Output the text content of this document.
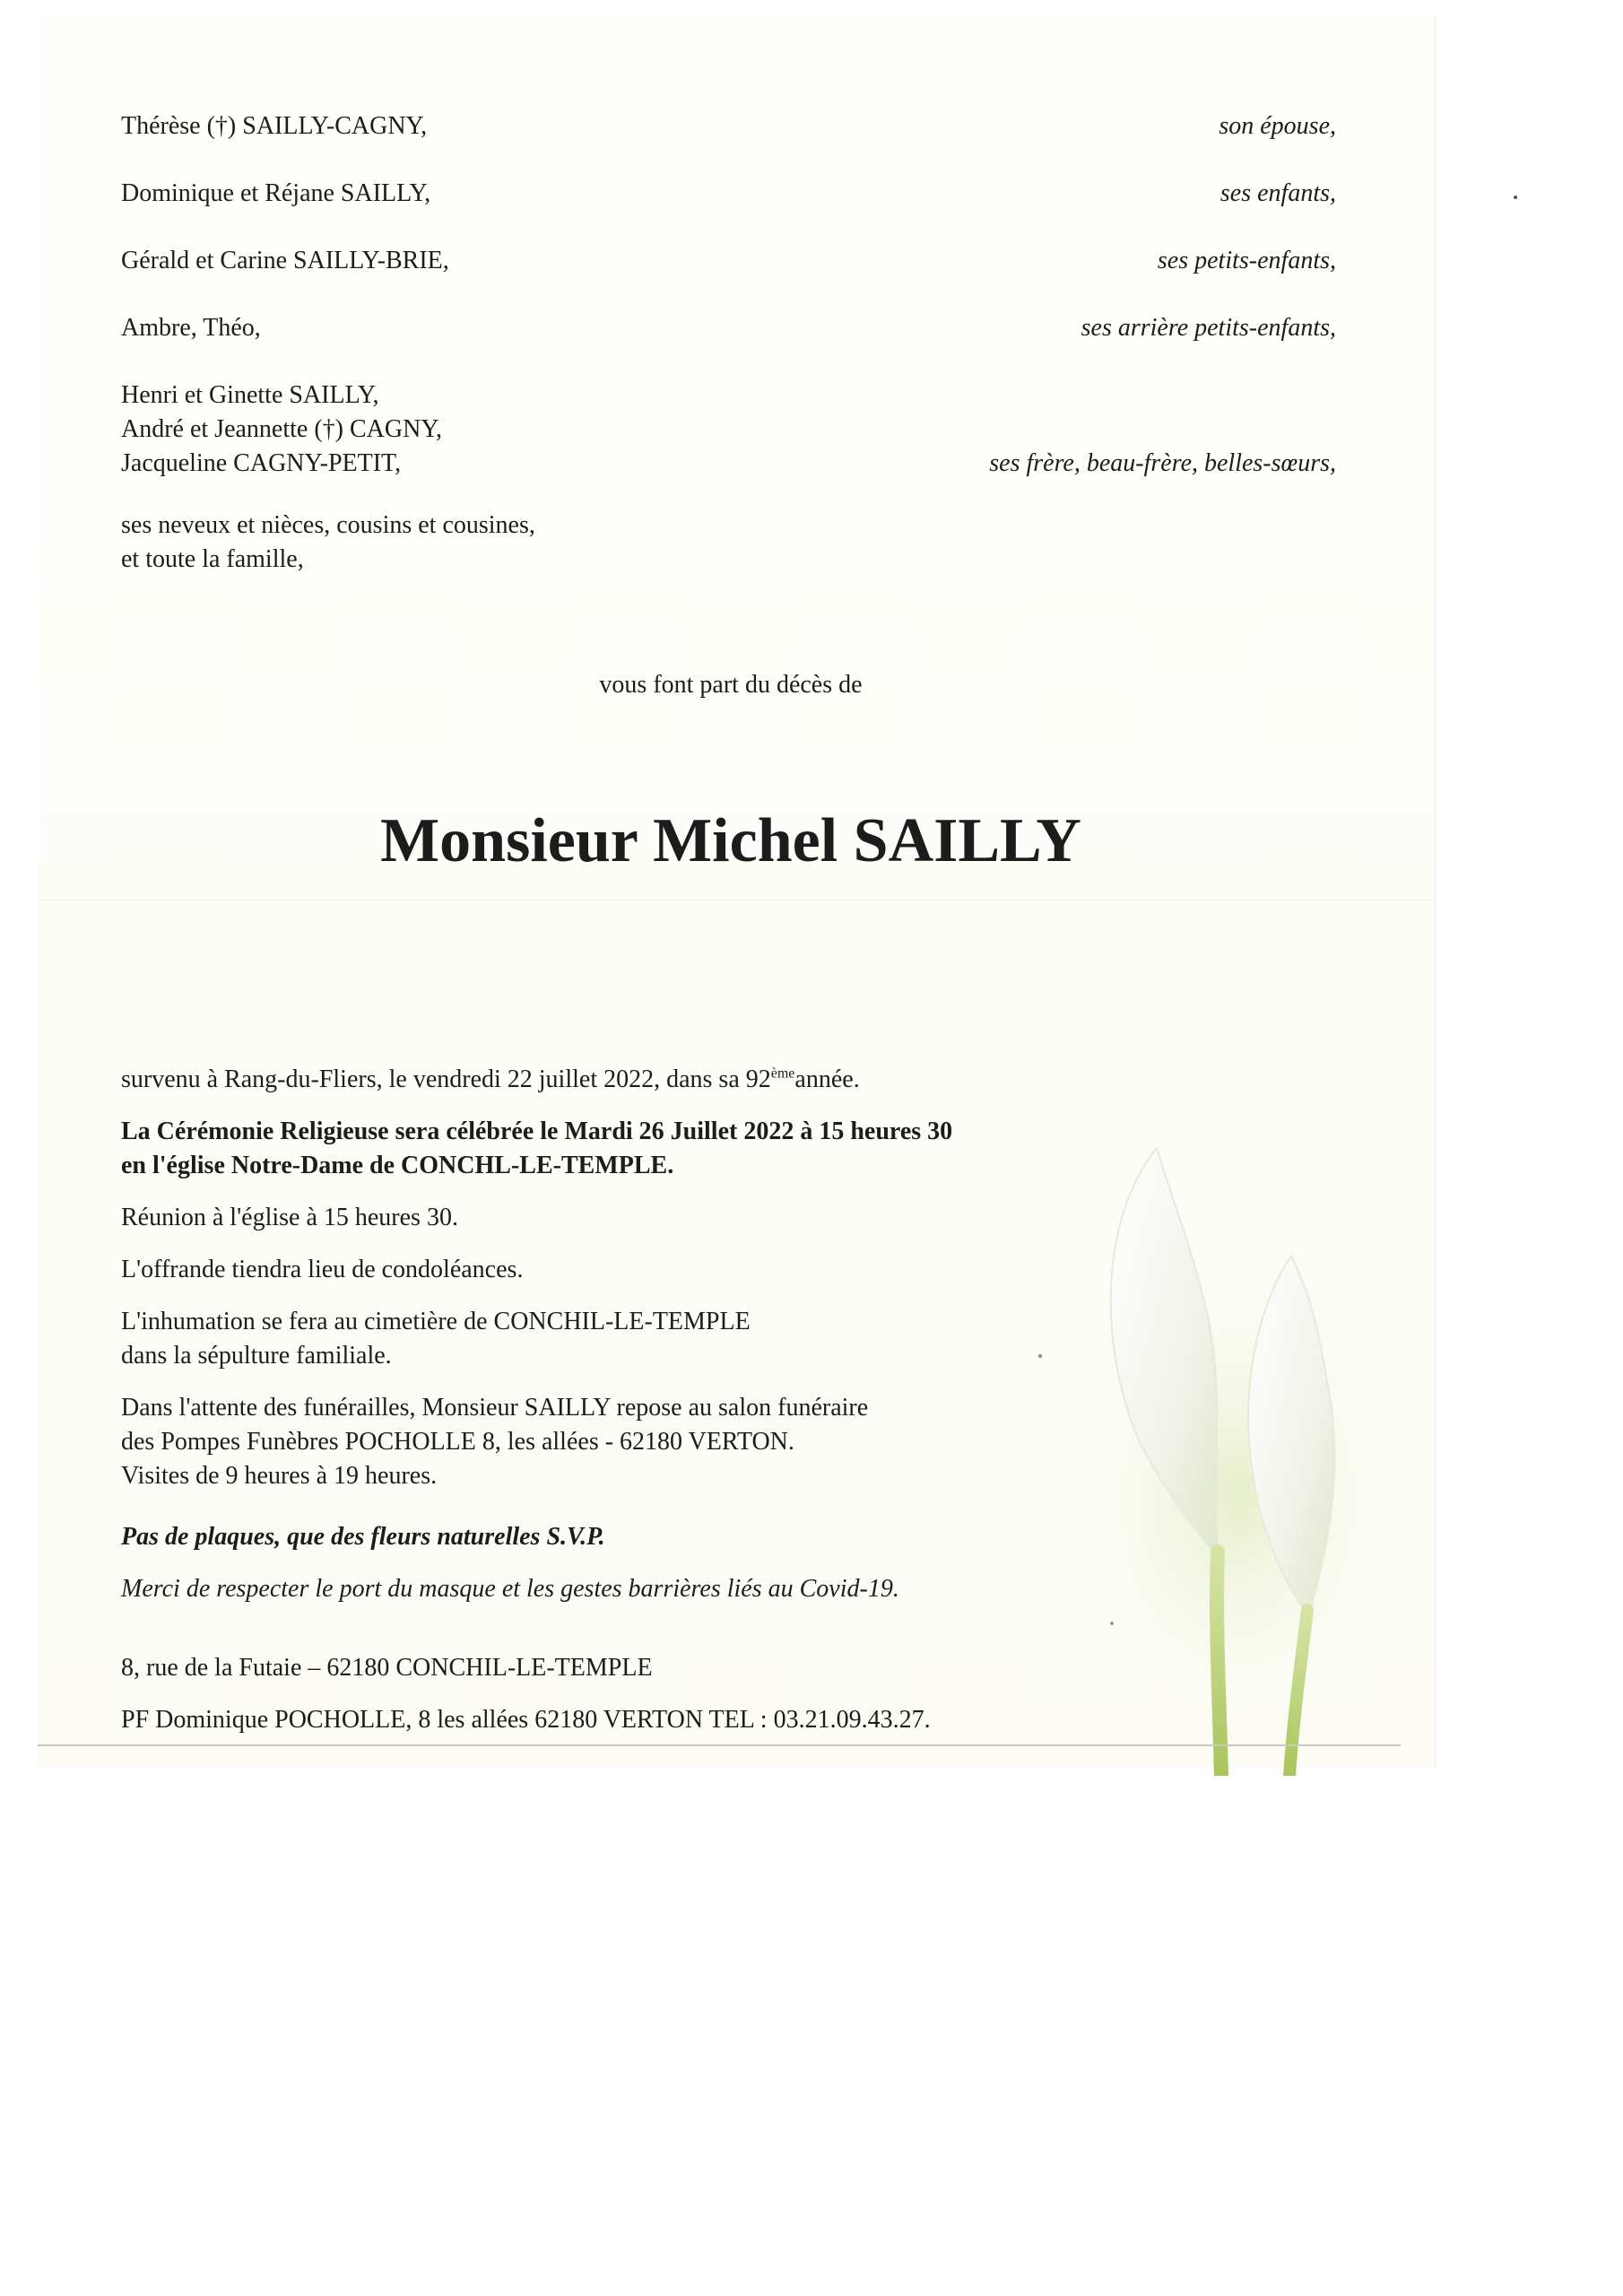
Thérèse (†) SAILLY-CAGNY,	son épouse,
Dominique et Réjane SAILLY,	ses enfants,
Gérald et Carine SAILLY-BRIE,	ses petits-enfants,
Ambre, Théo,	ses arrière petits-enfants,
Henri et Ginette SAILLY,
André et Jeannette (†) CAGNY,
Jacqueline CAGNY-PETIT,	ses frère, beau-frère, belles-sœurs,
ses neveux et nièces, cousins et cousines,
et toute la famille,
vous font part du décès de
Monsieur Michel SAILLY
survenu à Rang-du-Fliers, le vendredi 22 juillet 2022, dans sa 92èmeannée.
La Cérémonie Religieuse sera célébrée le Mardi 26 Juillet 2022 à 15 heures 30
en l'église Notre-Dame de CONCHL-LE-TEMPLE.
Réunion à l'église à 15 heures 30.
L'offrande tiendra lieu de condoléances.
L'inhumation se fera au cimetière de CONCHIL-LE-TEMPLE
dans la sépulture familiale.
Dans l'attente des funérailles, Monsieur SAILLY repose au salon funéraire
des Pompes Funèbres POCHOLLE 8, les allées - 62180 VERTON.
Visites de 9 heures à 19 heures.
Pas de plaques, que des fleurs naturelles S.V.P.
Merci de respecter le port du masque et les gestes barrières liés au Covid-19.
8, rue de la Futaie – 62180 CONCHIL-LE-TEMPLE
PF Dominique POCHOLLE, 8 les allées 62180 VERTON TEL : 03.21.09.43.27.
